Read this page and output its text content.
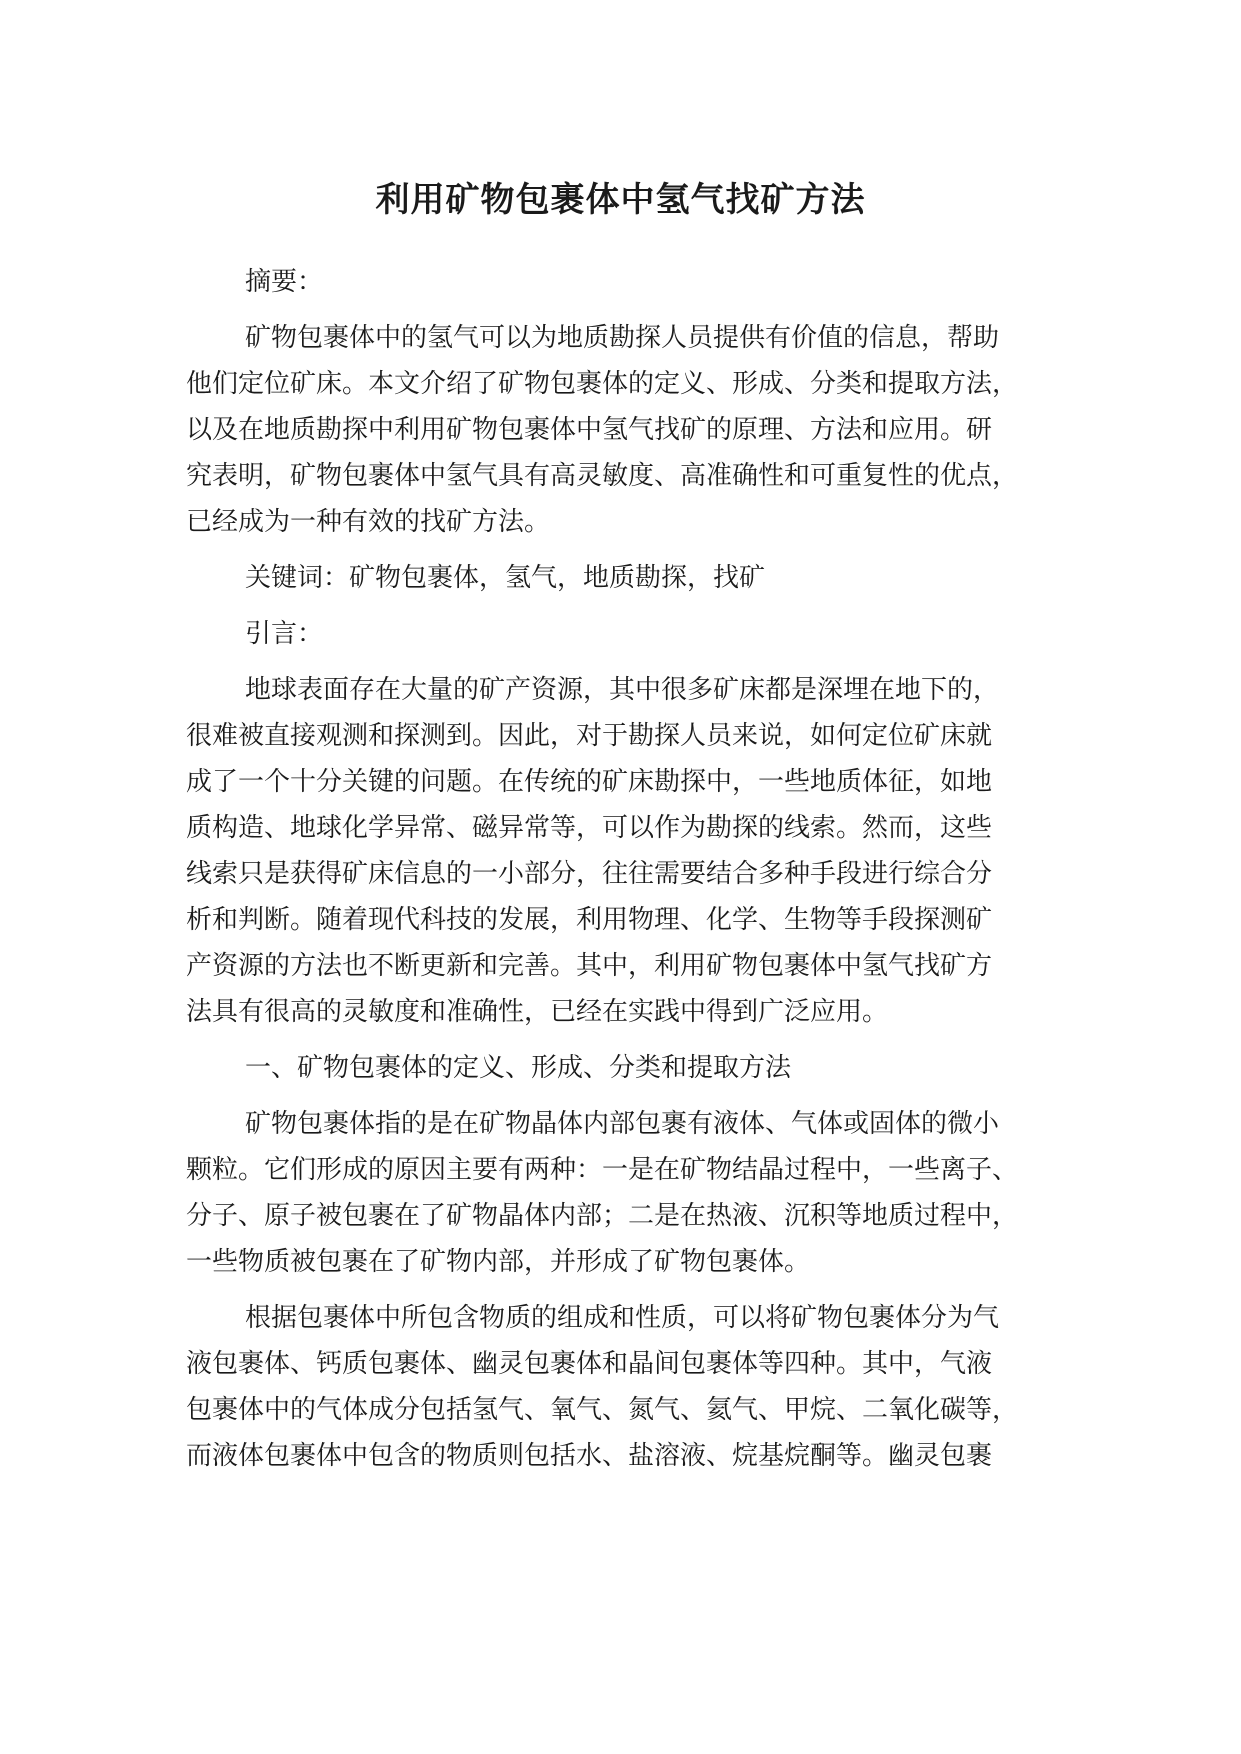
利用矿物包裹体中氢气找矿方法
摘要：
矿物包裹体中的氢气可以为地质勘探人员提供有价值的信息，帮助
他们定位矿床。本文介绍了矿物包裹体的定义、形成、分类和提取方法，
以及在地质勘探中利用矿物包裹体中氢气找矿的原理、方法和应用。研
究表明，矿物包裹体中氢气具有高灵敏度、高准确性和可重复性的优点，
已经成为一种有效的找矿方法。
关键词：矿物包裹体，氢气，地质勘探，找矿
引言：
地球表面存在大量的矿产资源，其中很多矿床都是深埋在地下的，
很难被直接观测和探测到。因此，对于勘探人员来说，如何定位矿床就
成了一个十分关键的问题。在传统的矿床勘探中，一些地质体征，如地
质构造、地球化学异常、磁异常等，可以作为勘探的线索。然而，这些
线索只是获得矿床信息的一小部分，往往需要结合多种手段进行综合分
析和判断。随着现代科技的发展，利用物理、化学、生物等手段探测矿
产资源的方法也不断更新和完善。其中，利用矿物包裹体中氢气找矿方
法具有很高的灵敏度和准确性，已经在实践中得到广泛应用。
一、矿物包裹体的定义、形成、分类和提取方法
矿物包裹体指的是在矿物晶体内部包裹有液体、气体或固体的微小
颗粒。它们形成的原因主要有两种：一是在矿物结晶过程中，一些离子、
分子、原子被包裹在了矿物晶体内部；二是在热液、沉积等地质过程中，
一些物质被包裹在了矿物内部，并形成了矿物包裹体。
根据包裹体中所包含物质的组成和性质，可以将矿物包裹体分为气
液包裹体、钙质包裹体、幽灵包裹体和晶间包裹体等四种。其中，气液
包裹体中的气体成分包括氢气、氧气、氮气、氦气、甲烷、二氧化碳等，
而液体包裹体中包含的物质则包括水、盐溶液、烷基烷酮等。幽灵包裹
